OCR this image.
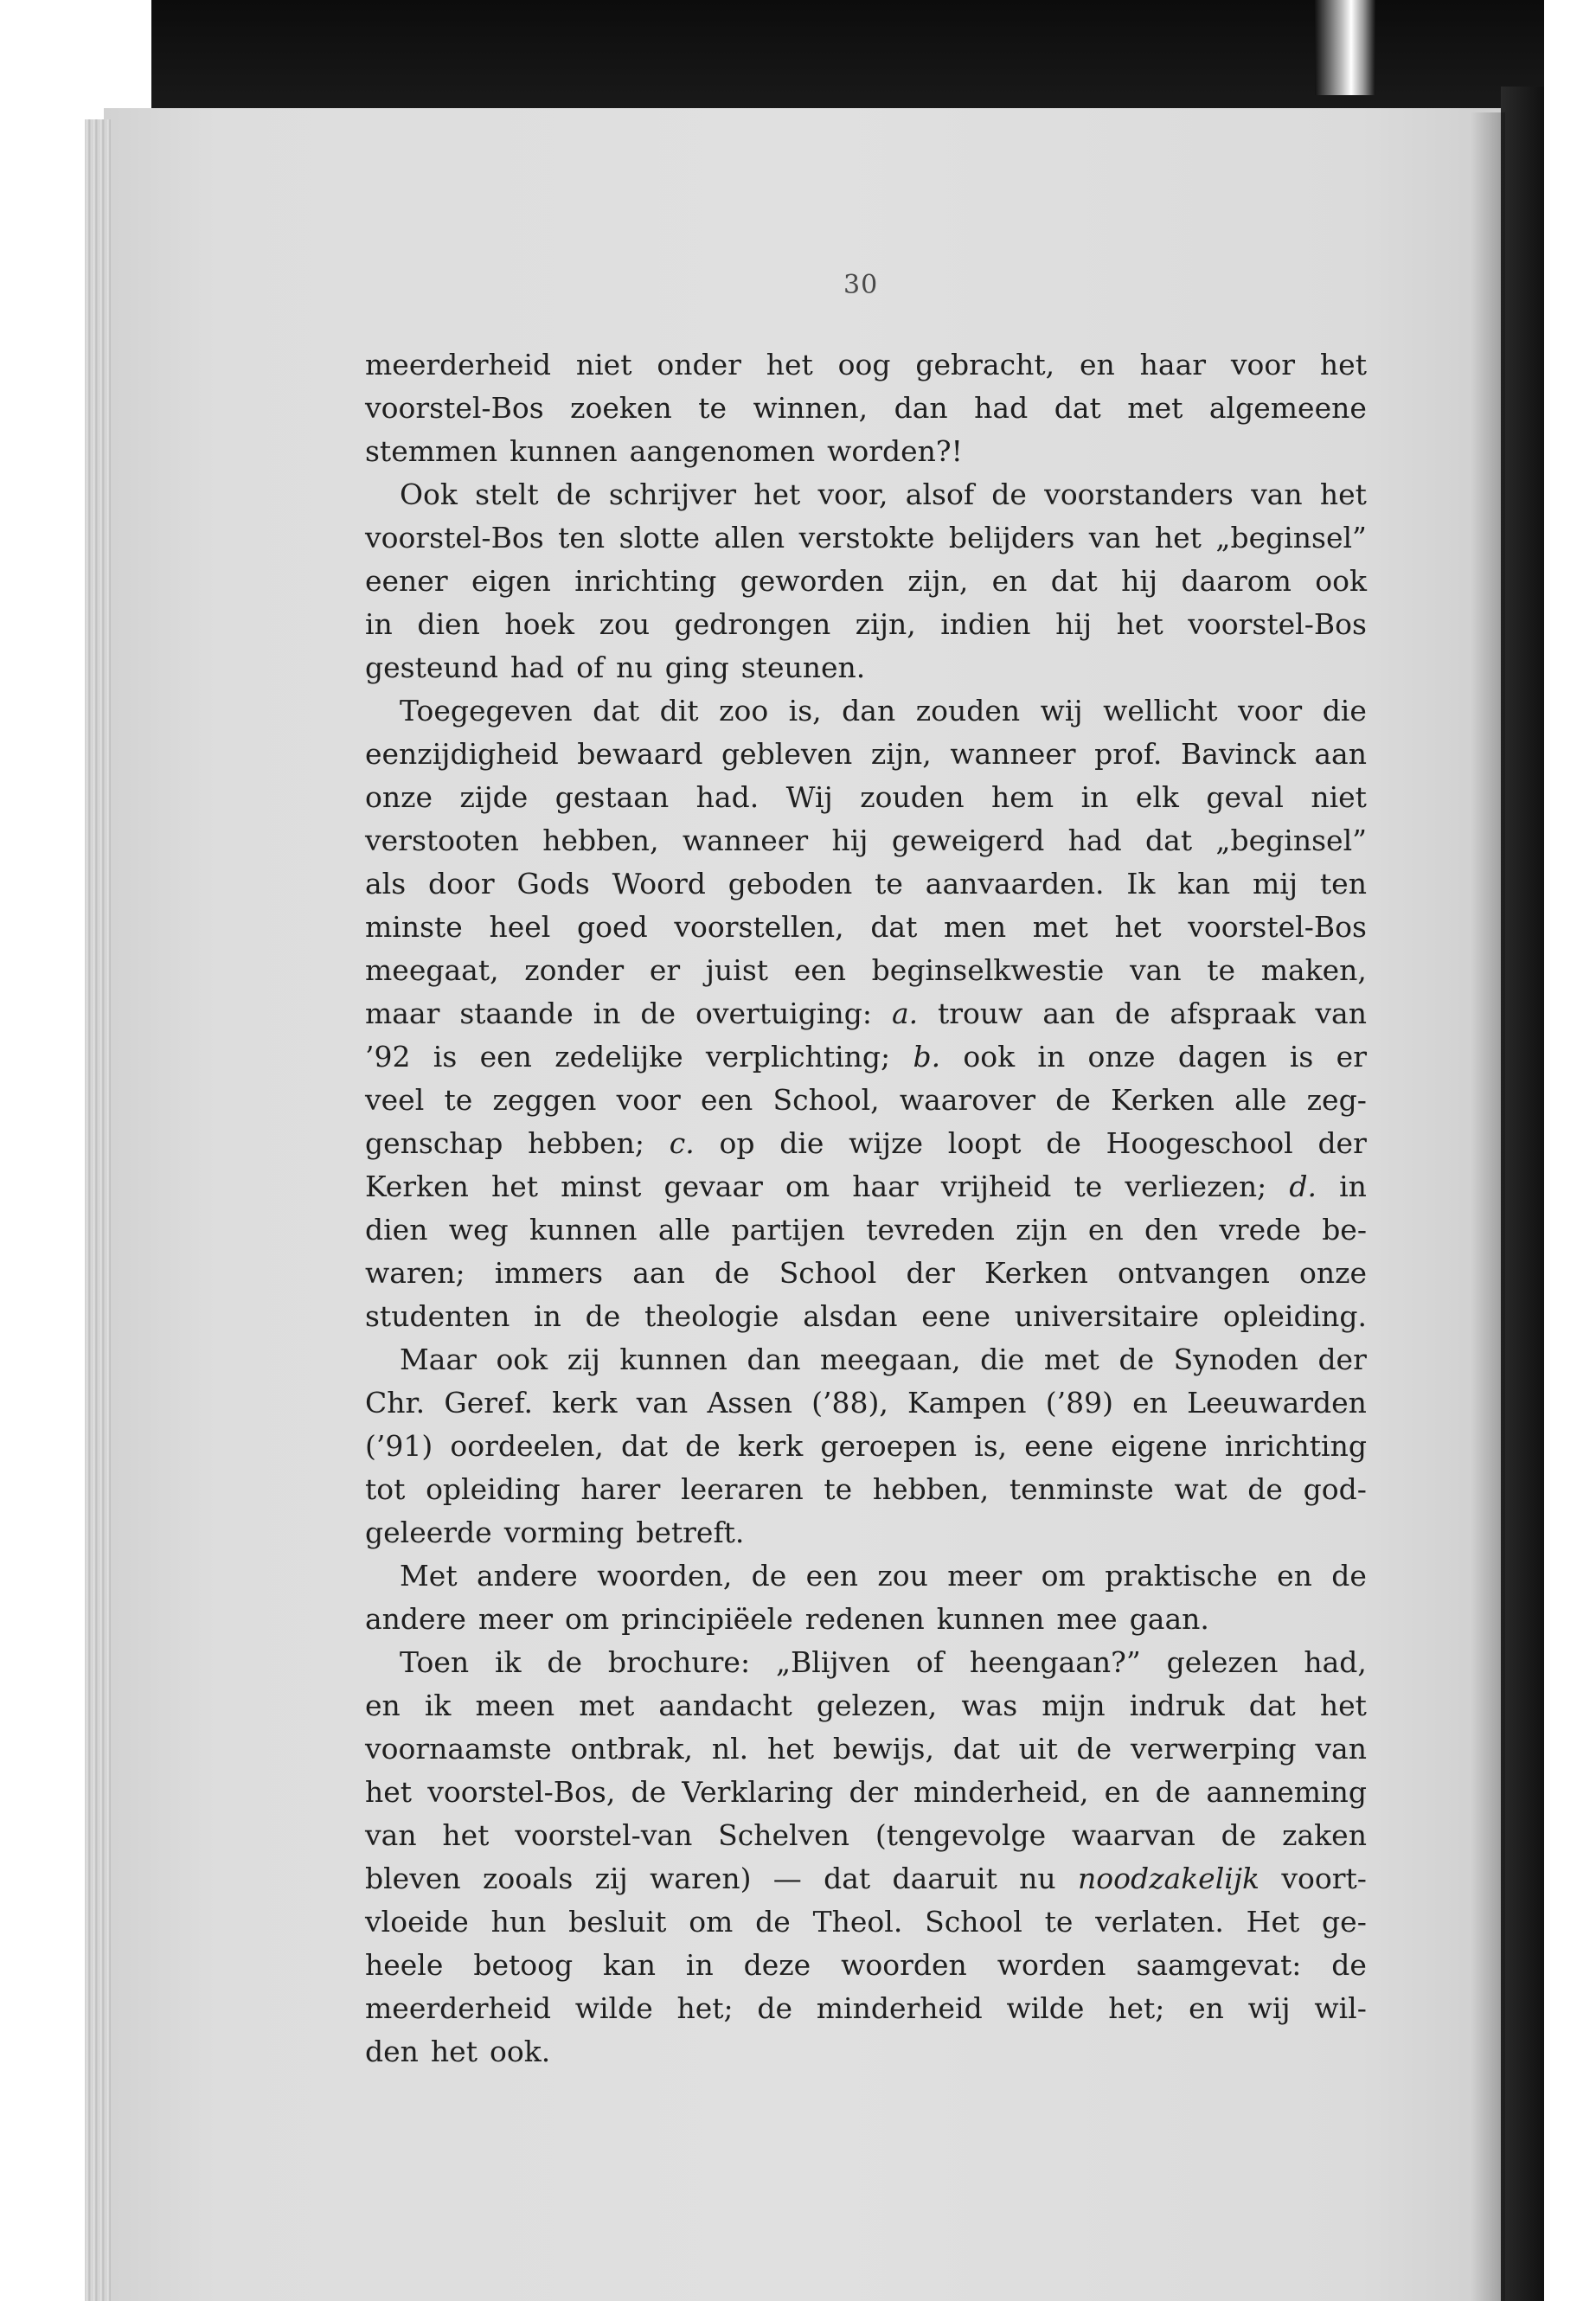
30
meerderheid niet onder het oog gebracht, en haar voor het
voorstel-Bos zoeken te winnen, dan had dat met algemeene
stemmen kunnen aangenomen worden?!
Ook stelt de schrijver het voor, alsof de voorstanders van het
voorstel-Bos ten slotte allen verstokte belijders van het „beginsel”
eener eigen inrichting geworden zijn, en dat hij daarom ook
in dien hoek zou gedrongen zijn, indien hij het voorstel-Bos
gesteund had of nu ging steunen.
Toegegeven dat dit zoo is, dan zouden wij wellicht voor die
eenzijdigheid bewaard gebleven zijn, wanneer prof. Bavinck aan
onze zijde gestaan had. Wij zouden hem in elk geval niet
verstooten hebben, wanneer hij geweigerd had dat „beginsel”
als door Gods Woord geboden te aanvaarden. Ik kan mij ten
minste heel goed voorstellen, dat men met het voorstel-Bos
meegaat, zonder er juist een beginselkwestie van te maken,
maar staande in de overtuiging: a. trouw aan de afspraak van
’92 is een zedelijke verplichting; b. ook in onze dagen is er
veel te zeggen voor een School, waarover de Kerken alle zeg-
genschap hebben; c. op die wijze loopt de Hoogeschool der
Kerken het minst gevaar om haar vrijheid te verliezen; d. in
dien weg kunnen alle partijen tevreden zijn en den vrede be-
waren; immers aan de School der Kerken ontvangen onze
studenten in de theologie alsdan eene universitaire opleiding.
Maar ook zij kunnen dan meegaan, die met de Synoden der
Chr. Geref. kerk van Assen (’88), Kampen (’89) en Leeuwarden
(’91) oordeelen, dat de kerk geroepen is, eene eigene inrichting
tot opleiding harer leeraren te hebben, tenminste wat de god-
geleerde vorming betreft.
Met andere woorden, de een zou meer om praktische en de
andere meer om principiëele redenen kunnen mee gaan.
Toen ik de brochure: „Blijven of heengaan?” gelezen had,
en ik meen met aandacht gelezen, was mijn indruk dat het
voornaamste ontbrak, nl. het bewijs, dat uit de verwerping van
het voorstel-Bos, de Verklaring der minderheid, en de aanneming
van het voorstel-van Schelven (tengevolge waarvan de zaken
bleven zooals zij waren) — dat daaruit nu noodzakelijk voort-
vloeide hun besluit om de Theol. School te verlaten. Het ge-
heele betoog kan in deze woorden worden saamgevat: de
meerderheid wilde het; de minderheid wilde het; en wij wil-
den het ook.
